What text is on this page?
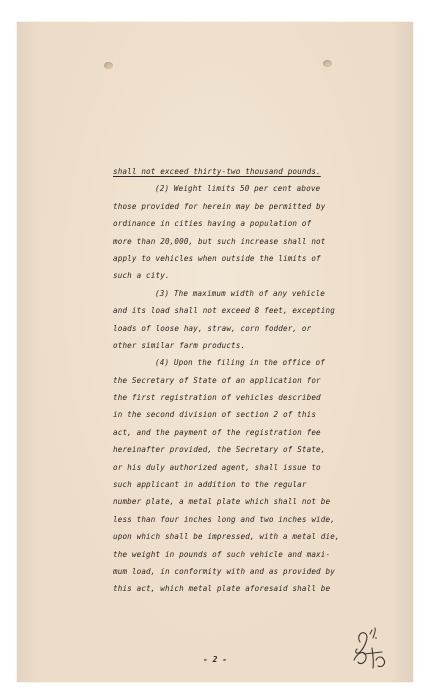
shall not exceed thirty-two thousand pounds.
(2) Weight limits 50 per cent above
those provided for herein may be permitted by
ordinance in cities having a population of
more than 20,000, but such increase shall not
apply to vehicles when outside the limits of
such a city.
(3) The maximum width of any vehicle
and its load shall not exceed 8 feet, excepting
loads of loose hay, straw, corn fodder, or
other similar farm products.
(4) Upon the filing in the office of
the Secretary of State of an application for
the first registration of vehicles described
in the second division of section 2 of this
act, and the payment of the registration fee
hereinafter provided, the Secretary of State,
or his duly authorized agent, shall issue to
such applicant in addition to the regular
number plate, a metal plate which shall not be
less than four inches long and two inches wide,
upon which shall be impressed, with a metal die,
the weight in pounds of such vehicle and maxi-
mum load, in conformity with and as provided by
this act, which metal plate aforesaid shall be
- 2 -
